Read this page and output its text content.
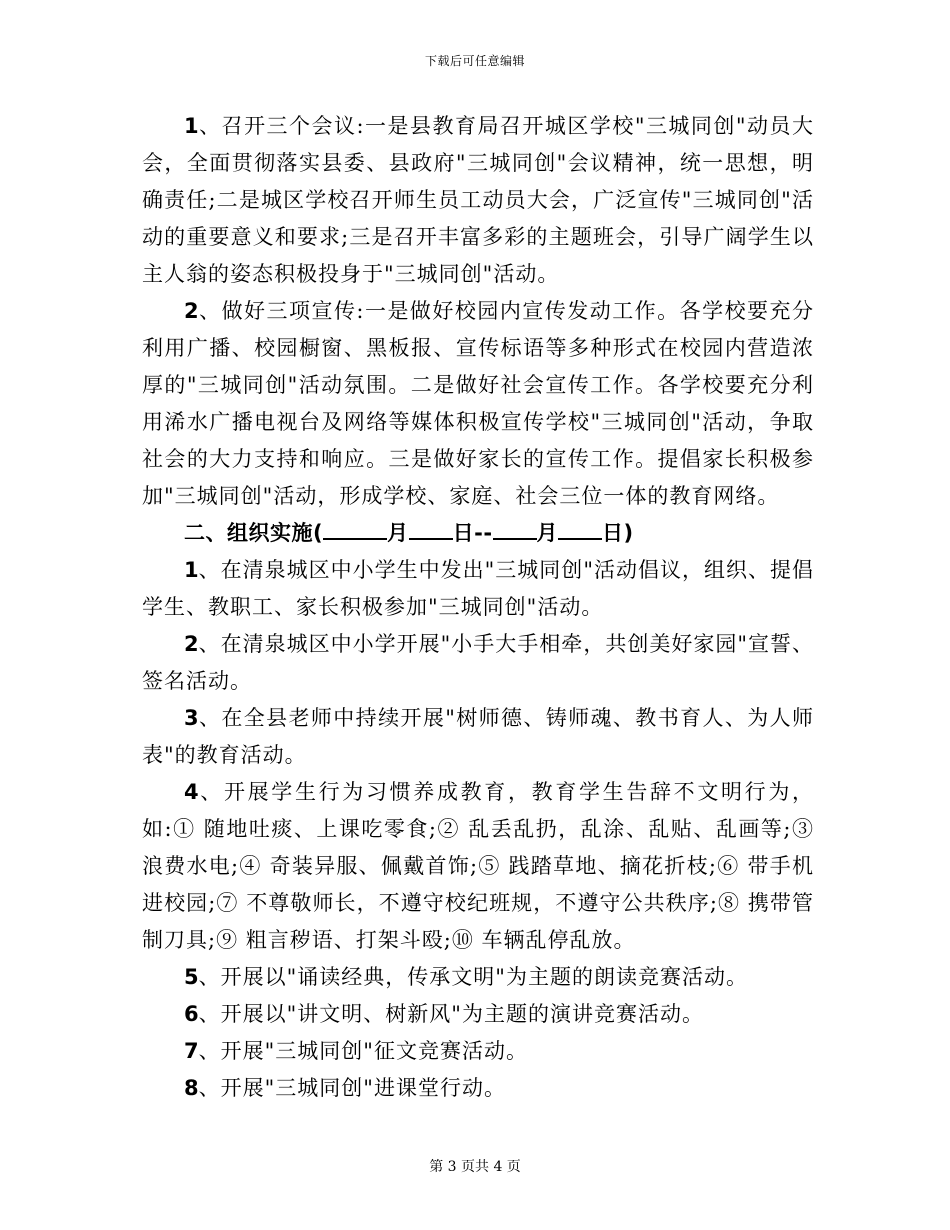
下载后可任意编辑

1、召开三个会议:一是县教育局召开城区学校"三城同创"动员大会，全面贯彻落实县委、县政府"三城同创"会议精神，统一思想，明确责任;二是城区学校召开师生员工动员大会，广泛宣传"三城同创"活动的重要意义和要求;三是召开丰富多彩的主题班会，引导广阔学生以主人翁的姿态积极投身于"三城同创"活动。

2、做好三项宣传:一是做好校园内宣传发动工作。各学校要充分利用广播、校园橱窗、黑板报、宣传标语等多种形式在校园内营造浓厚的"三城同创"活动氛围。二是做好社会宣传工作。各学校要充分利用浠水广播电视台及网络等媒体积极宣传学校"三城同创"活动，争取社会的大力支持和响应。三是做好家长的宣传工作。提倡家长积极参加"三城同创"活动，形成学校、家庭、社会三位一体的教育网络。

二、组织实施(	月 日-- 月 日)

1、在清泉城区中小学生中发出"三城同创"活动倡议，组织、提倡学生、教职工、家长积极参加"三城同创"活动。

2、在清泉城区中小学开展"小手大手相牵，共创美好家园"宣誓、签名活动。

3、在全县老师中持续开展"树师德、铸师魂、教书育人、为人师表"的教育活动。

4、开展学生行为习惯养成教育，教育学生告辞不文明行为，如:① 随地吐痰、上课吃零食;② 乱丢乱扔，乱涂、乱贴、乱画等;③ 浪费水电;④ 奇装异服、佩戴首饰;⑤ 践踏草地、摘花折枝;⑥ 带手机进校园;⑦ 不尊敬师长，不遵守校纪班规，不遵守公共秩序;⑧ 携带管制刀具;⑨ 粗言秽语、打架斗殴;⑩ 车辆乱停乱放。

5、开展以"诵读经典，传承文明"为主题的朗读竞赛活动。

6、开展以"讲文明、树新风"为主题的演讲竞赛活动。

7、开展"三城同创"征文竞赛活动。

8、开展"三城同创"进课堂行动。

第 3 页共 4 页
